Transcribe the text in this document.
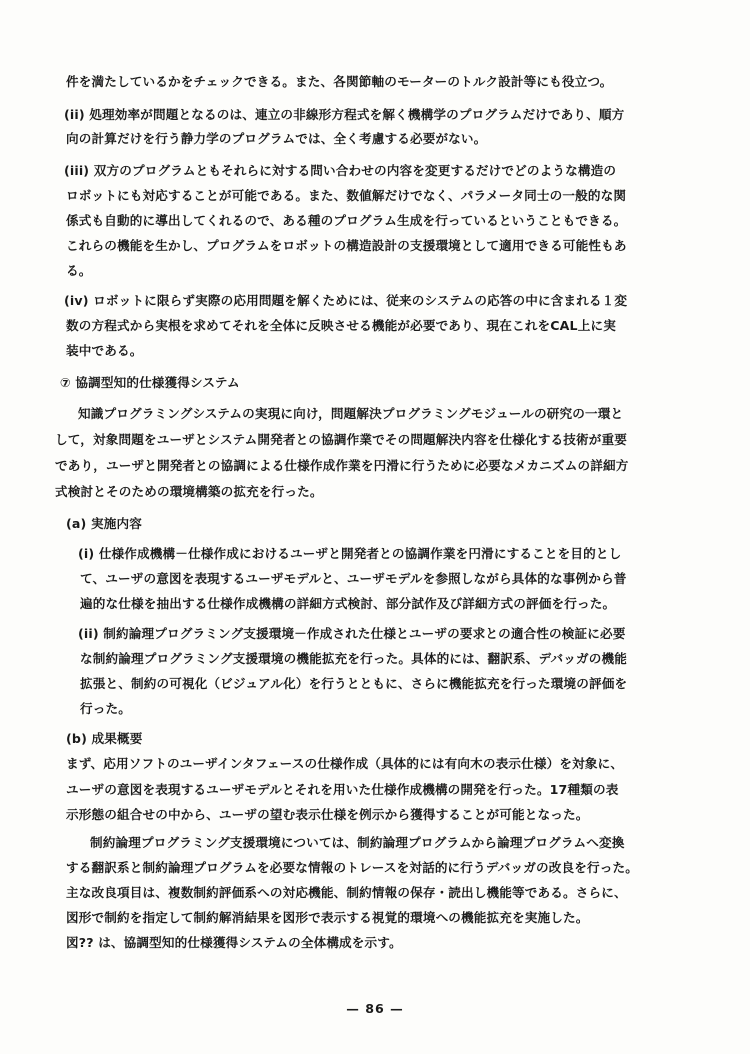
件を満たしているかをチェックできる。また、各関節軸のモーターのトルク設計等にも役立つ。
(ii) 処理効率が問題となるのは、連立の非線形方程式を解く機構学のプログラムだけであり、順方
向の計算だけを行う静力学のプログラムでは、全く考慮する必要がない。
(iii) 双方のプログラムともそれらに対する問い合わせの内容を変更するだけでどのような構造の
ロボットにも対応することが可能である。また、数値解だけでなく、パラメータ同士の一般的な関
係式も自動的に導出してくれるので、ある種のプログラム生成を行っているということもできる。
これらの機能を生かし、プログラムをロボットの構造設計の支援環境として適用できる可能性もあ
る。
(iv) ロボットに限らず実際の応用問題を解くためには、従来のシステムの応答の中に含まれる１変
数の方程式から実根を求めてそれを全体に反映させる機能が必要であり、現在これをCAL上に実
装中である。
⑦ 協調型知的仕様獲得システム
知識プログラミングシステムの実現に向け，問題解決プログラミングモジュールの研究の一環と
して，対象問題をユーザとシステム開発者との協調作業でその問題解決内容を仕様化する技術が重要
であり，ユーザと開発者との協調による仕様作成作業を円滑に行うために必要なメカニズムの詳細方
式検討とそのための環境構築の拡充を行った。
(a) 実施内容
(i) 仕様作成機構－仕様作成におけるユーザと開発者との協調作業を円滑にすることを目的とし
て、ユーザの意図を表現するユーザモデルと、ユーザモデルを参照しながら具体的な事例から普
遍的な仕様を抽出する仕様作成機構の詳細方式検討、部分試作及び詳細方式の評価を行った。
(ii) 制約論理プログラミング支援環境－作成された仕様とユーザの要求との適合性の検証に必要
な制約論理プログラミング支援環境の機能拡充を行った。具体的には、翻訳系、デバッガの機能
拡張と、制約の可視化（ビジュアル化）を行うとともに、さらに機能拡充を行った環境の評価を
行った。
(b) 成果概要
まず、応用ソフトのユーザインタフェースの仕様作成（具体的には有向木の表示仕様）を対象に、
ユーザの意図を表現するユーザモデルとそれを用いた仕様作成機構の開発を行った。17種類の表
示形態の組合せの中から、ユーザの望む表示仕様を例示から獲得することが可能となった。
制約論理プログラミング支援環境については、制約論理プログラムから論理プログラムへ変換
する翻訳系と制約論理プログラムを必要な情報のトレースを対話的に行うデバッガの改良を行った。
主な改良項目は、複数制約評価系への対応機能、制約情報の保存・読出し機能等である。さらに、
図形で制約を指定して制約解消結果を図形で表示する視覚的環境への機能拡充を実施した。
図?? は、協調型知的仕様獲得システムの全体構成を示す。
— 86 —
